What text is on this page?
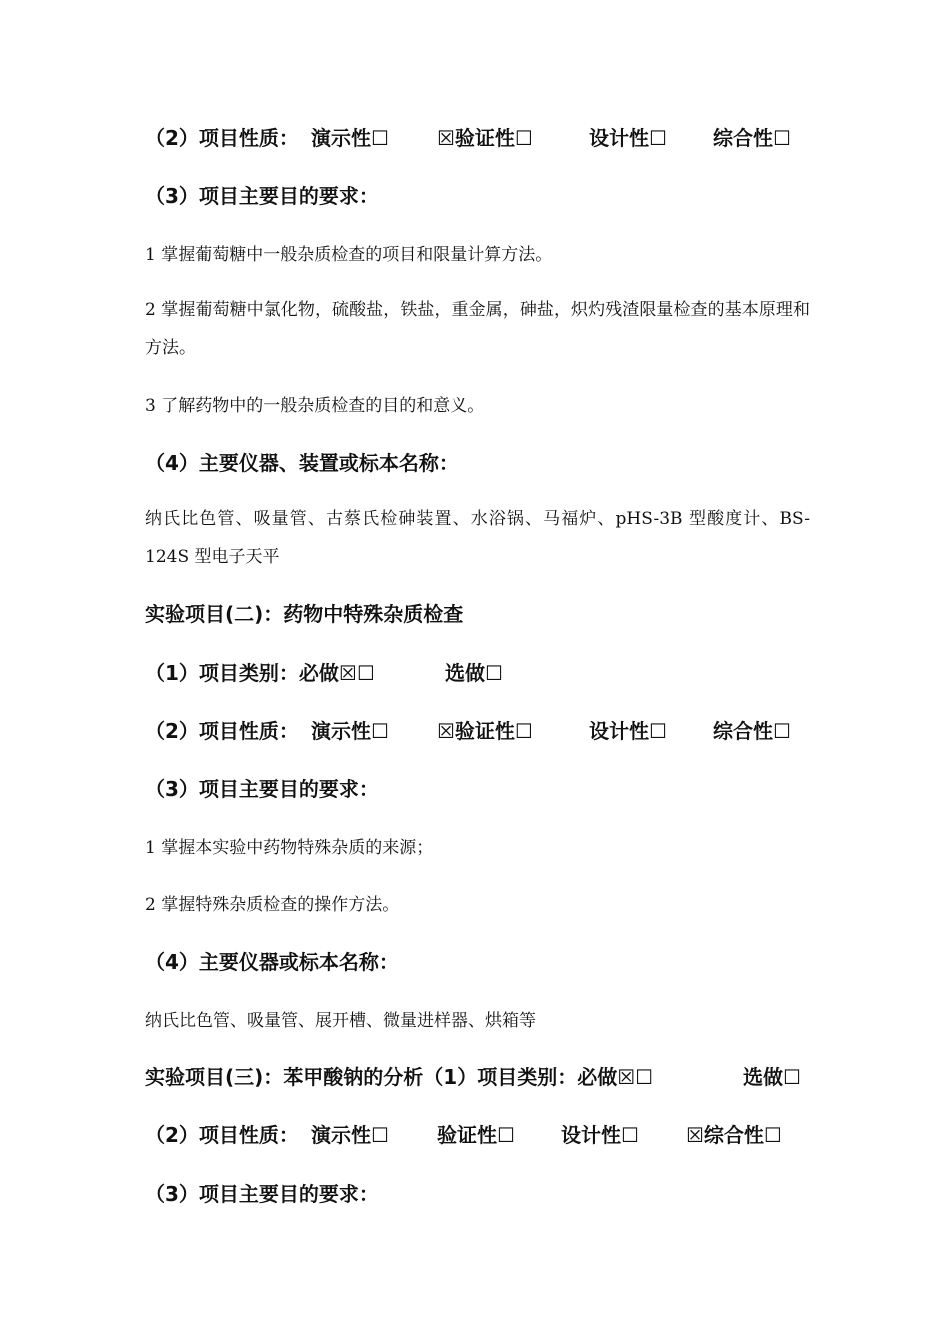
（2）项目性质： 演示性☐ ☒验证性☐	设计性☐ 综合性☐
（3）项目主要目的要求：
1 掌握葡萄糖中一般杂质检查的项目和限量计算方法。
2 掌握葡萄糖中氯化物，硫酸盐，铁盐，重金属，砷盐，炽灼残渣限量检查的基本原理和方法。
3 了解药物中的一般杂质检查的目的和意义。
（4）主要仪器、装置或标本名称：
纳氏比色管、吸量管、古蔡氏检砷装置、水浴锅、马福炉、pHS-3B 型酸度计、BS-124S 型电子天平
实验项目(二)：药物中特殊杂质检查
（1）项目类别：必做☒☐	选做☐
（2）项目性质： 演示性☐ ☒验证性☐	设计性☐ 综合性☐
（3）项目主要目的要求：
1 掌握本实验中药物特殊杂质的来源；
2 掌握特殊杂质检查的操作方法。
（4）主要仪器或标本名称：
纳氏比色管、吸量管、展开槽、微量进样器、烘箱等
实验项目(三)：苯甲酸钠的分析（1）项目类别：必做☒☐	选做☐
（2）项目性质： 演示性☐ 验证性☐ 设计性☐ ☒综合性☐
（3）项目主要目的要求：
